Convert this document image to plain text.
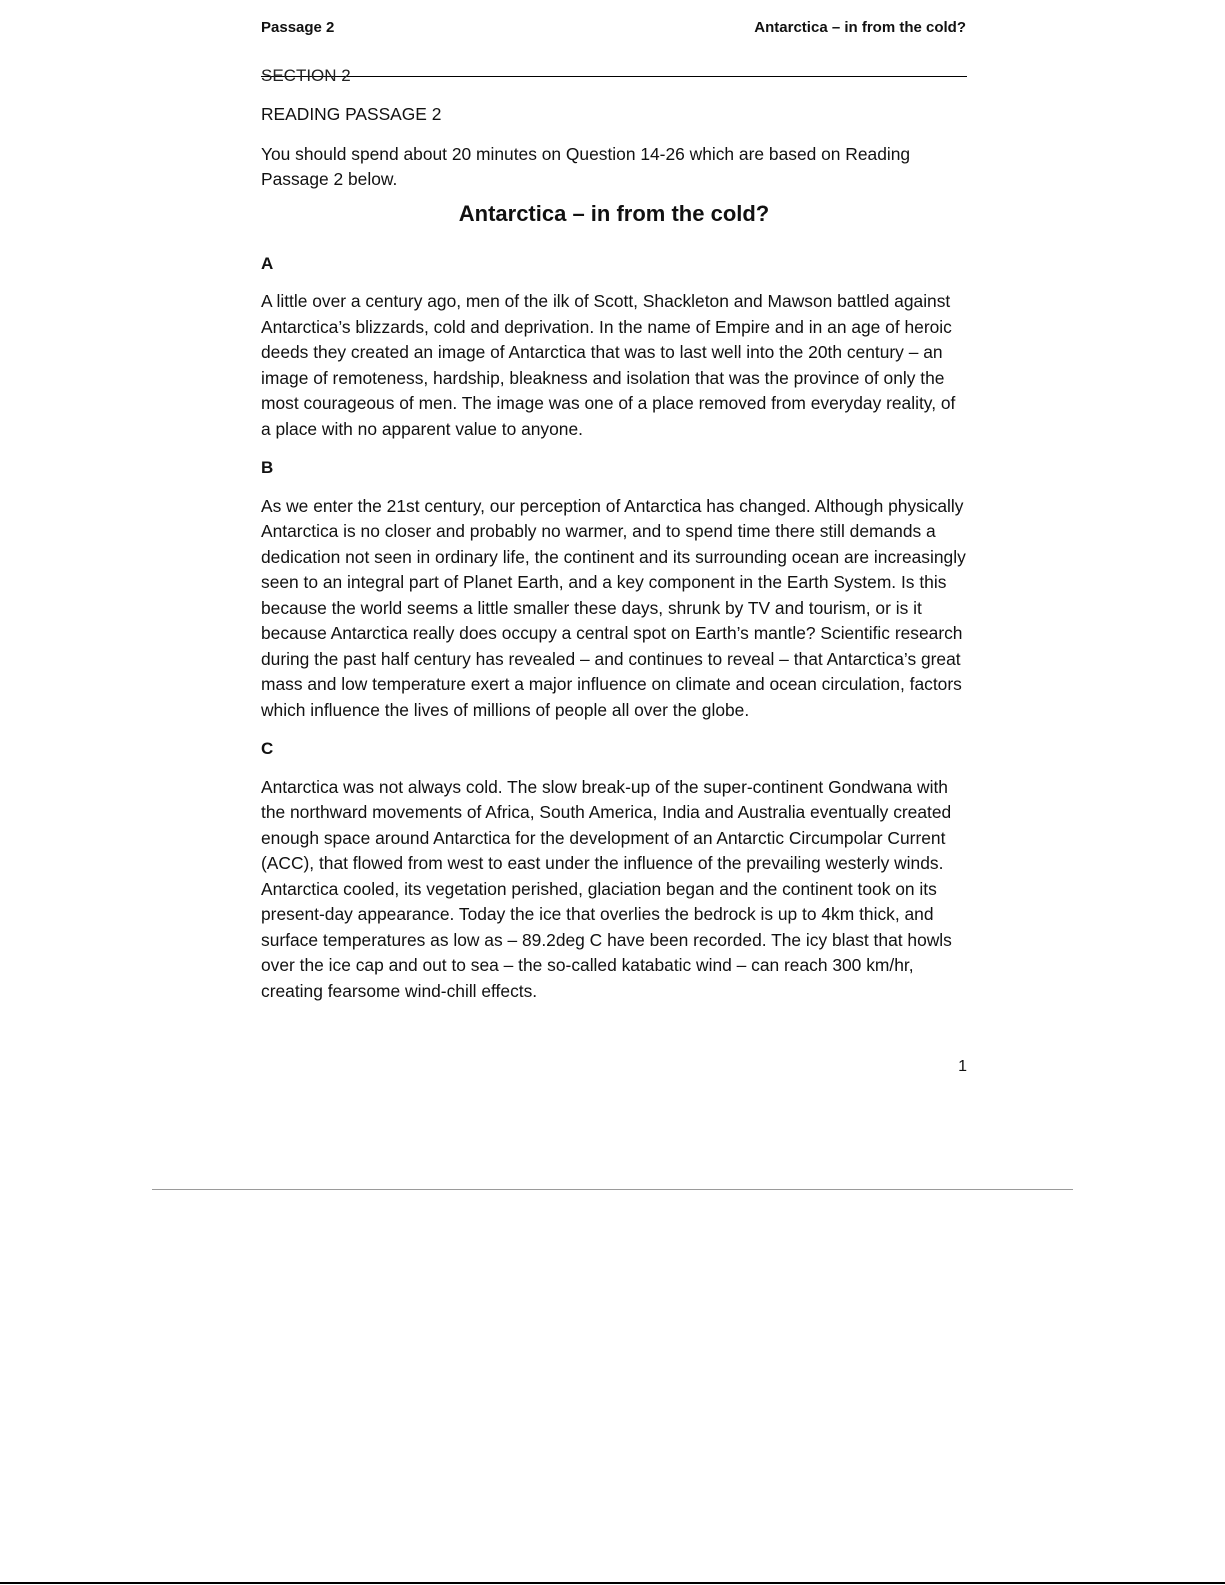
Passage 2	Antarctica – in from the cold?
SECTION 2
READING PASSAGE 2
You should spend about 20 minutes on Question 14-26 which are based on Reading Passage 2 below.
Antarctica – in from the cold?
A
A little over a century ago, men of the ilk of Scott, Shackleton and Mawson battled against Antarctica’s blizzards, cold and deprivation. In the name of Empire and in an age of heroic deeds they created an image of Antarctica that was to last well into the 20th century – an image of remoteness, hardship, bleakness and isolation that was the province of only the most courageous of men. The image was one of a place removed from everyday reality, of a place with no apparent value to anyone.
B
As we enter the 21st century, our perception of Antarctica has changed. Although physically Antarctica is no closer and probably no warmer, and to spend time there still demands a dedication not seen in ordinary life, the continent and its surrounding ocean are increasingly seen to an integral part of Planet Earth, and a key component in the Earth System. Is this because the world seems a little smaller these days, shrunk by TV and tourism, or is it because Antarctica really does occupy a central spot on Earth’s mantle? Scientific research during the past half century has revealed – and continues to reveal – that Antarctica’s great mass and low temperature exert a major influence on climate and ocean circulation, factors which influence the lives of millions of people all over the globe.
C
Antarctica was not always cold. The slow break-up of the super-continent Gondwana with the northward movements of Africa, South America, India and Australia eventually created enough space around Antarctica for the development of an Antarctic Circumpolar Current (ACC), that flowed from west to east under the influence of the prevailing westerly winds. Antarctica cooled, its vegetation perished, glaciation began and the continent took on its present-day appearance. Today the ice that overlies the bedrock is up to 4km thick, and surface temperatures as low as – 89.2deg C have been recorded. The icy blast that howls over the ice cap and out to sea – the so-called katabatic wind – can reach 300 km/hr, creating fearsome wind-chill effects.
1
